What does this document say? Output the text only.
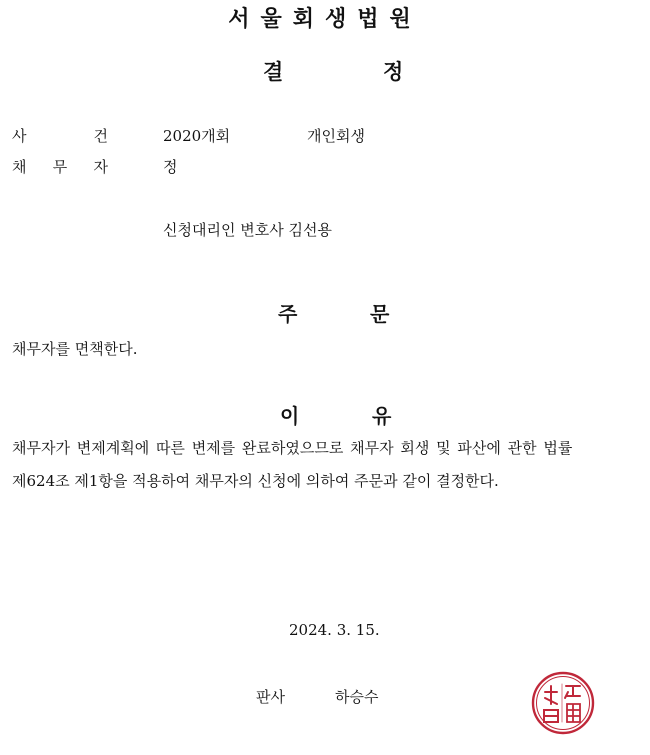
서울회생법원
결	정
사	건	2020개회	개인회생
채 무 자	정
신청대리인 변호사 김선용
주	문
채무자를 면책한다.
이	유
채무자가 변제계획에 따른 변제를 완료하였으므로 채무자 회생 및 파산에 관한 법률
제624조 제1항을 적용하여 채무자의 신청에 의하여 주문과 같이 결정한다.
2024. 3. 15.
판사	하승수
